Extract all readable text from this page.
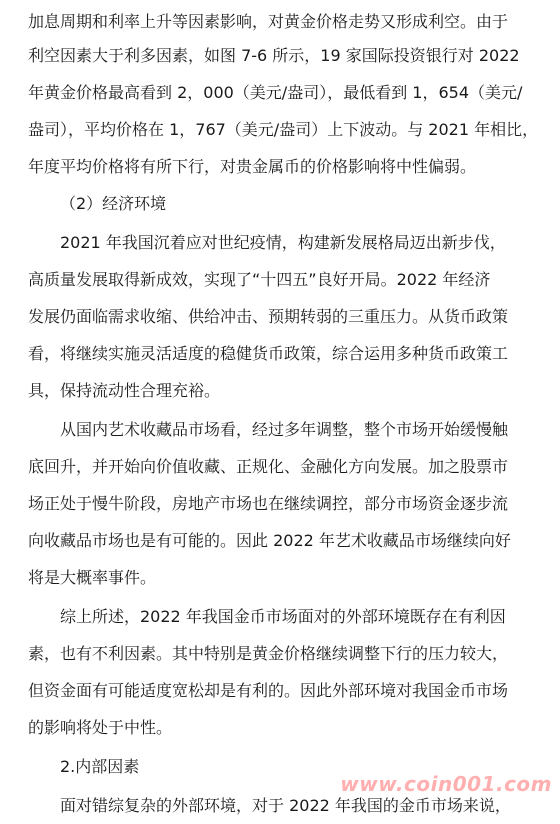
加息周期和利率上升等因素影响，对黄金价格走势又形成利空。由于
利空因素大于利多因素，如图 7-6 所示，19 家国际投资银行对 2022
年黄金价格最高看到 2，000（美元/盎司），最低看到 1，654（美元/
盎司），平均价格在 1，767（美元/盎司）上下波动。与 2021 年相比，
年度平均价格将有所下行，对贵金属币的价格影响将中性偏弱。
（2）经济环境
2021 年我国沉着应对世纪疫情，构建新发展格局迈出新步伐，
高质量发展取得新成效，实现了“十四五”良好开局。2022 年经济
发展仍面临需求收缩、供给冲击、预期转弱的三重压力。从货币政策
看，将继续实施灵活适度的稳健货币政策，综合运用多种货币政策工
具，保持流动性合理充裕。
从国内艺术收藏品市场看，经过多年调整，整个市场开始缓慢触
底回升，并开始向价值收藏、正规化、金融化方向发展。加之股票市
场正处于慢牛阶段，房地产市场也在继续调控，部分市场资金逐步流
向收藏品市场也是有可能的。因此 2022 年艺术收藏品市场继续向好
将是大概率事件。
综上所述，2022 年我国金币市场面对的外部环境既存在有利因
素，也有不利因素。其中特别是黄金价格继续调整下行的压力较大，
但资金面有可能适度宽松却是有利的。因此外部环境对我国金币市场
的影响将处于中性。
2.内部因素
面对错综复杂的外部环境，对于 2022 年我国的金币市场来说，
www.coin001.com
